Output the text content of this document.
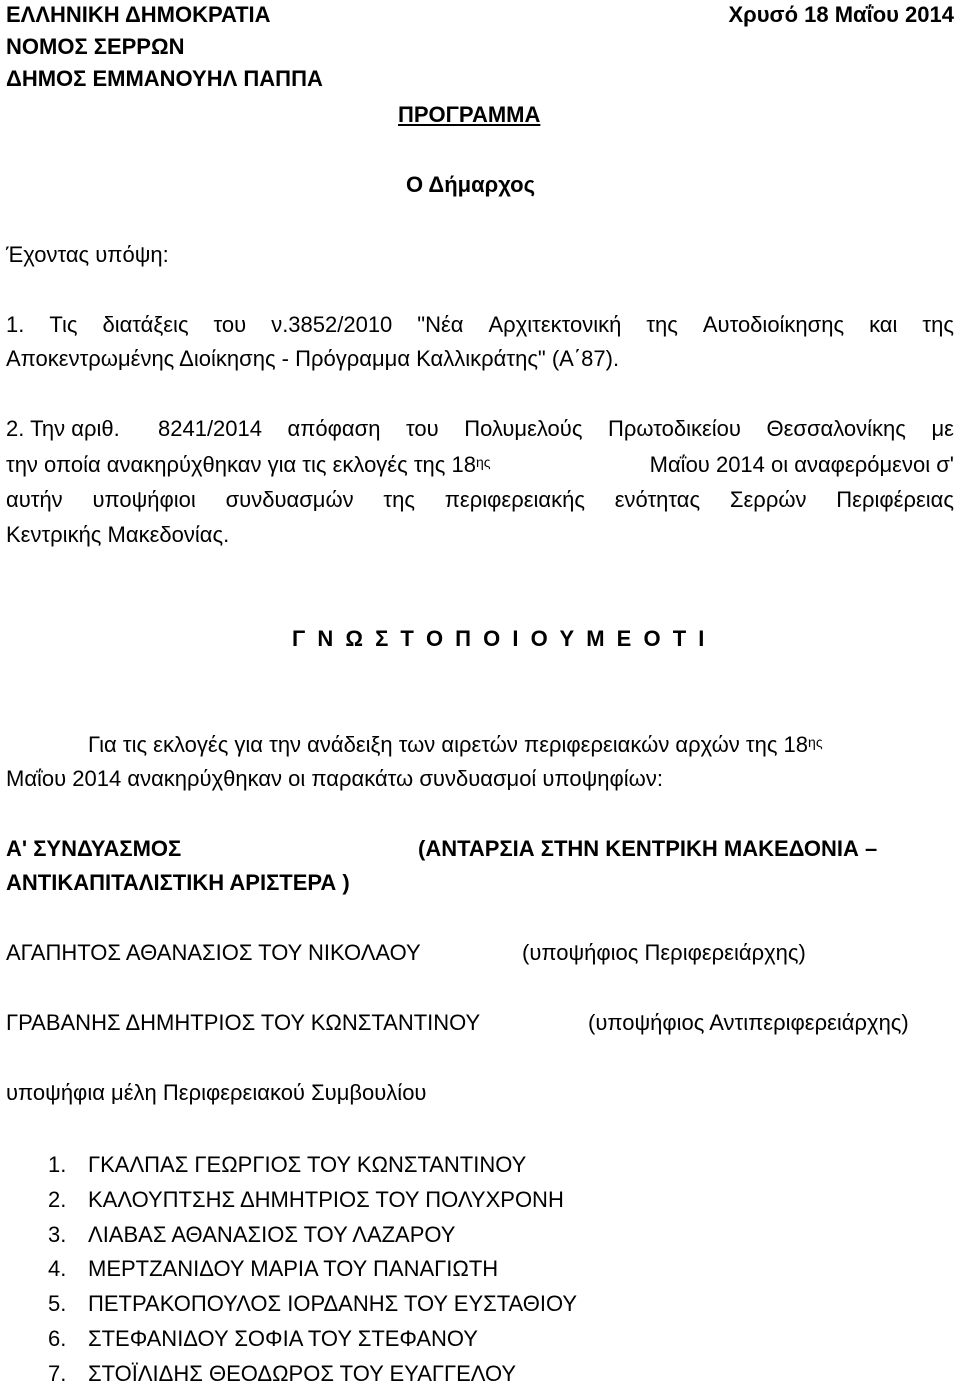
ΕΛΛΗΝΙΚΗ ΔΗΜΟΚΡΑΤΙΑ	Χρυσό 18 Μαΐου 2014
ΝΟΜΟΣ ΣΕΡΡΩΝ
ΔΗΜΟΣ ΕΜΜΑΝΟΥΗΛ ΠΑΠΠΑ
ΠΡΟΓΡΑΜΜΑ
Ο Δήμαρχος
Έχοντας υπόψη:
1. Τις διατάξεις του ν.3852/2010 "Νέα Αρχιτεκτονική της Αυτοδιοίκησης και της
Αποκεντρωμένης Διοίκησης - Πρόγραμμα Καλλικράτης" (Α΄87).
2. Την αριθ. 8241/2014 απόφαση του Πολυμελούς Πρωτοδικείου Θεσσαλονίκης με
την οποία ανακηρύχθηκαν για τις εκλογές της $18^{\eta\varsigma}$	Μαΐου 2014 οι αναφερόμενοι σ'
αυτήν υποψήφιοι συνδυασμών της περιφερειακής ενότητας Σερρών Περιφέρειας
Κεντρικής Μακεδονίας.
Γ Ν Ω Σ Τ Ο Π Ο Ι Ο Υ Μ Ε Ο Τ Ι
Για τις εκλογές για την ανάδειξη των αιρετών περιφερειακών αρχών της $18^{\eta\varsigma}$
Μαΐου 2014 ανακηρύχθηκαν οι παρακάτω συνδυασμοί υποψηφίων:
Α' ΣΥΝΔΥΑΣΜΟΣ	(ΑΝΤΑΡΣΙΑ ΣΤΗΝ ΚΕΝΤΡΙΚΗ ΜΑΚΕΔΟΝΙΑ –
ΑΝΤΙΚΑΠΙΤΑΛΙΣΤΙΚΗ ΑΡΙΣΤΕΡΑ )
ΑΓΑΠΗΤΟΣ ΑΘΑΝΑΣΙΟΣ ΤΟΥ ΝΙΚΟΛΑΟΥ	(υποψήφιος Περιφερειάρχης)
ΓΡΑΒΑΝΗΣ ΔΗΜΗΤΡΙΟΣ ΤΟΥ ΚΩΝΣΤΑΝΤΙΝΟΥ	(υποψήφιος Αντιπεριφερειάρχης)
υποψήφια μέλη Περιφερειακού Συμβουλίου
1. ΓΚΑΛΠΑΣ ΓΕΩΡΓΙΟΣ ΤΟΥ ΚΩΝΣΤΑΝΤΙΝΟΥ
2. ΚΑΛΟΥΠΤΣΗΣ ΔΗΜΗΤΡΙΟΣ ΤΟΥ ΠΟΛΥΧΡΟΝΗ
3. ΛΙΑΒΑΣ ΑΘΑΝΑΣΙΟΣ ΤΟΥ ΛΑΖΑΡΟΥ
4. ΜΕΡΤΖΑΝΙΔΟΥ ΜΑΡΙΑ ΤΟΥ ΠΑΝΑΓΙΩΤΗ
5. ΠΕΤΡΑΚΟΠΟΥΛΟΣ ΙΟΡΔΑΝΗΣ ΤΟΥ ΕΥΣΤΑΘΙΟΥ
6. ΣΤΕΦΑΝΙΔΟΥ ΣΟΦΙΑ ΤΟΥ ΣΤΕΦΑΝΟΥ
7. ΣΤΟΪΛΙΔΗΣ ΘΕΟΔΩΡΟΣ ΤΟΥ ΕΥΑΓΓΕΛΟΥ
